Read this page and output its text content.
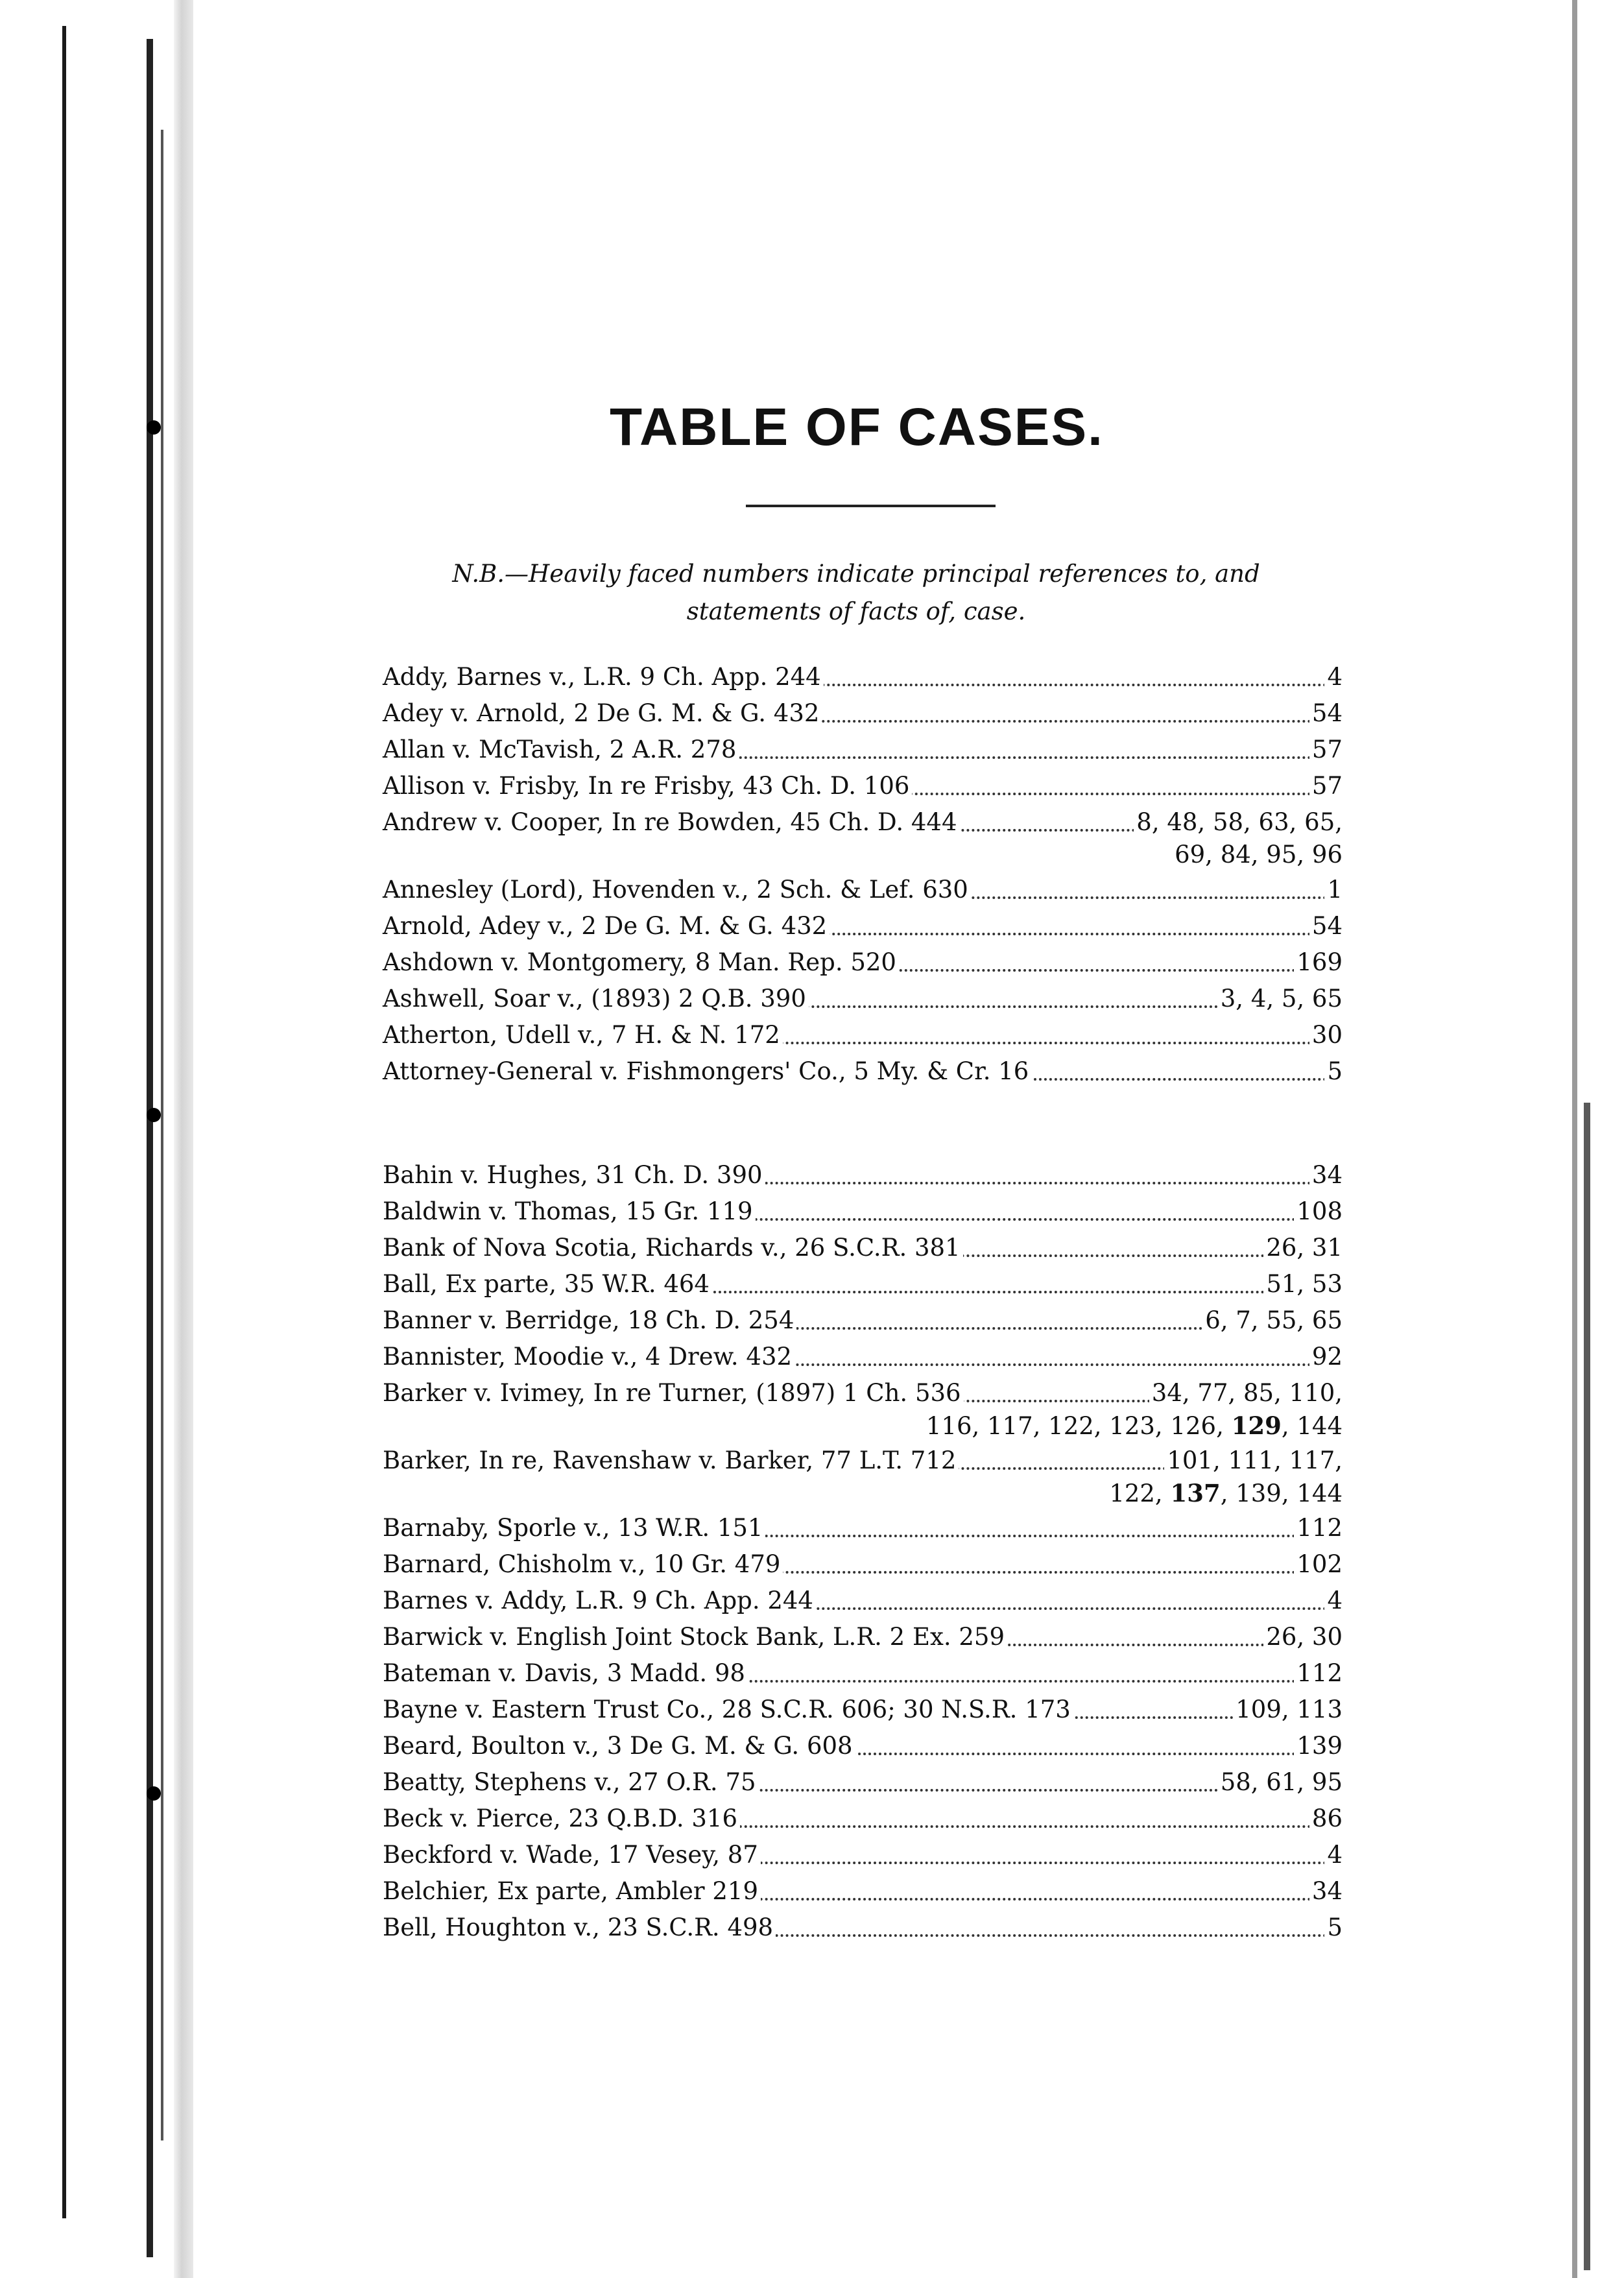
TABLE OF CASES.
N.B.—Heavily faced numbers indicate principal references to, and statements of facts of, case.
Addy, Barnes v., L.R. 9 Ch. App. 244	4
Adey v. Arnold, 2 De G. M. & G. 432	54
Allan v. McTavish, 2 A.R. 278	57
Allison v. Frisby, In re Frisby, 43 Ch. D. 106	57
Andrew v. Cooper, In re Bowden, 45 Ch. D. 444	8, 48, 58, 63, 65,
69, 84, 95, 96
Annesley (Lord), Hovenden v., 2 Sch. & Lef. 630	1
Arnold, Adey v., 2 De G. M. & G. 432	54
Ashdown v. Montgomery, 8 Man. Rep. 520	169
Ashwell, Soar v., (1893) 2 Q.B. 390	3, 4, 5, 65
Atherton, Udell v., 7 H. & N. 172	30
Attorney-General v. Fishmongers' Co., 5 My. & Cr. 16	5
Bahin v. Hughes, 31 Ch. D. 390	34
Baldwin v. Thomas, 15 Gr. 119	108
Bank of Nova Scotia, Richards v., 26 S.C.R. 381	26, 31
Ball, Ex parte, 35 W.R. 464	51, 53
Banner v. Berridge, 18 Ch. D. 254	6, 7, 55, 65
Bannister, Moodie v., 4 Drew. 432	92
Barker v. Ivimey, In re Turner, (1897) 1 Ch. 536	34, 77, 85, 110,
116, 117, 122, 123, 126, 129, 144
Barker, In re, Ravenshaw v. Barker, 77 L.T. 712	101, 111, 117,
122, 137, 139, 144
Barnaby, Sporle v., 13 W.R. 151	112
Barnard, Chisholm v., 10 Gr. 479	102
Barnes v. Addy, L.R. 9 Ch. App. 244	4
Barwick v. English Joint Stock Bank, L.R. 2 Ex. 259	26, 30
Bateman v. Davis, 3 Madd. 98	112
Bayne v. Eastern Trust Co., 28 S.C.R. 606; 30 N.S.R. 173	109, 113
Beard, Boulton v., 3 De G. M. & G. 608	139
Beatty, Stephens v., 27 O.R. 75	58, 61, 95
Beck v. Pierce, 23 Q.B.D. 316	86
Beckford v. Wade, 17 Vesey, 87	4
Belchier, Ex parte, Ambler 219	34
Bell, Houghton v., 23 S.C.R. 498	5
